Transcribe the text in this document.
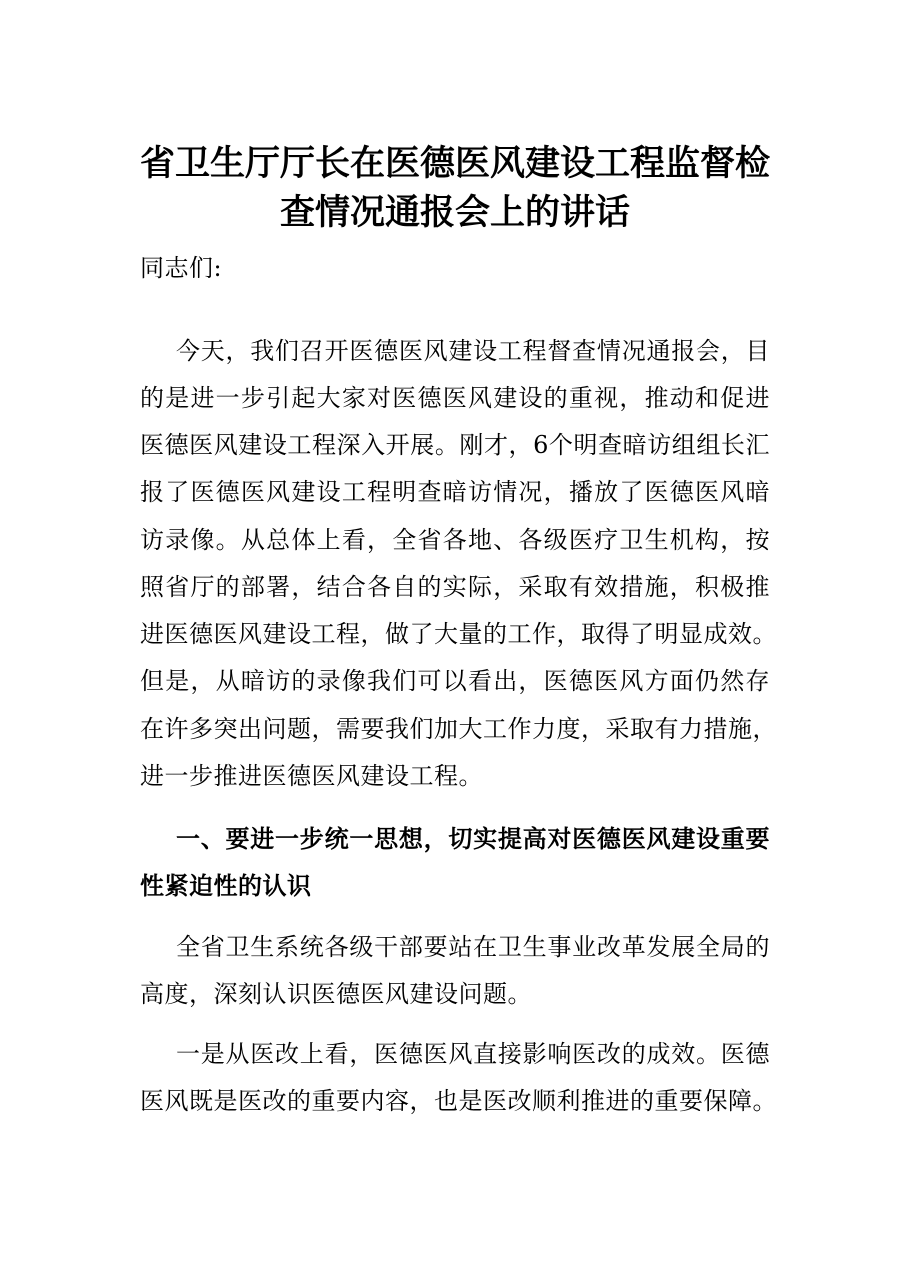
省卫生厅厅长在医德医风建设工程监督检
查情况通报会上的讲话
同志们:
今天，我们召开医德医风建设工程督查情况通报会，目
的是进一步引起大家对医德医风建设的重视，推动和促进
医德医风建设工程深入开展。刚才，6个明查暗访组组长汇
报了医德医风建设工程明查暗访情况，播放了医德医风暗
访录像。从总体上看，全省各地、各级医疗卫生机构，按
照省厅的部署，结合各自的实际，采取有效措施，积极推
进医德医风建设工程，做了大量的工作，取得了明显成效。
但是，从暗访的录像我们可以看出，医德医风方面仍然存
在许多突出问题，需要我们加大工作力度，采取有力措施，
进一步推进医德医风建设工程。
一、要进一步统一思想，切实提高对医德医风建设重要
性紧迫性的认识
全省卫生系统各级干部要站在卫生事业改革发展全局的
高度，深刻认识医德医风建设问题。
一是从医改上看，医德医风直接影响医改的成效。医德
医风既是医改的重要内容，也是医改顺利推进的重要保障。
